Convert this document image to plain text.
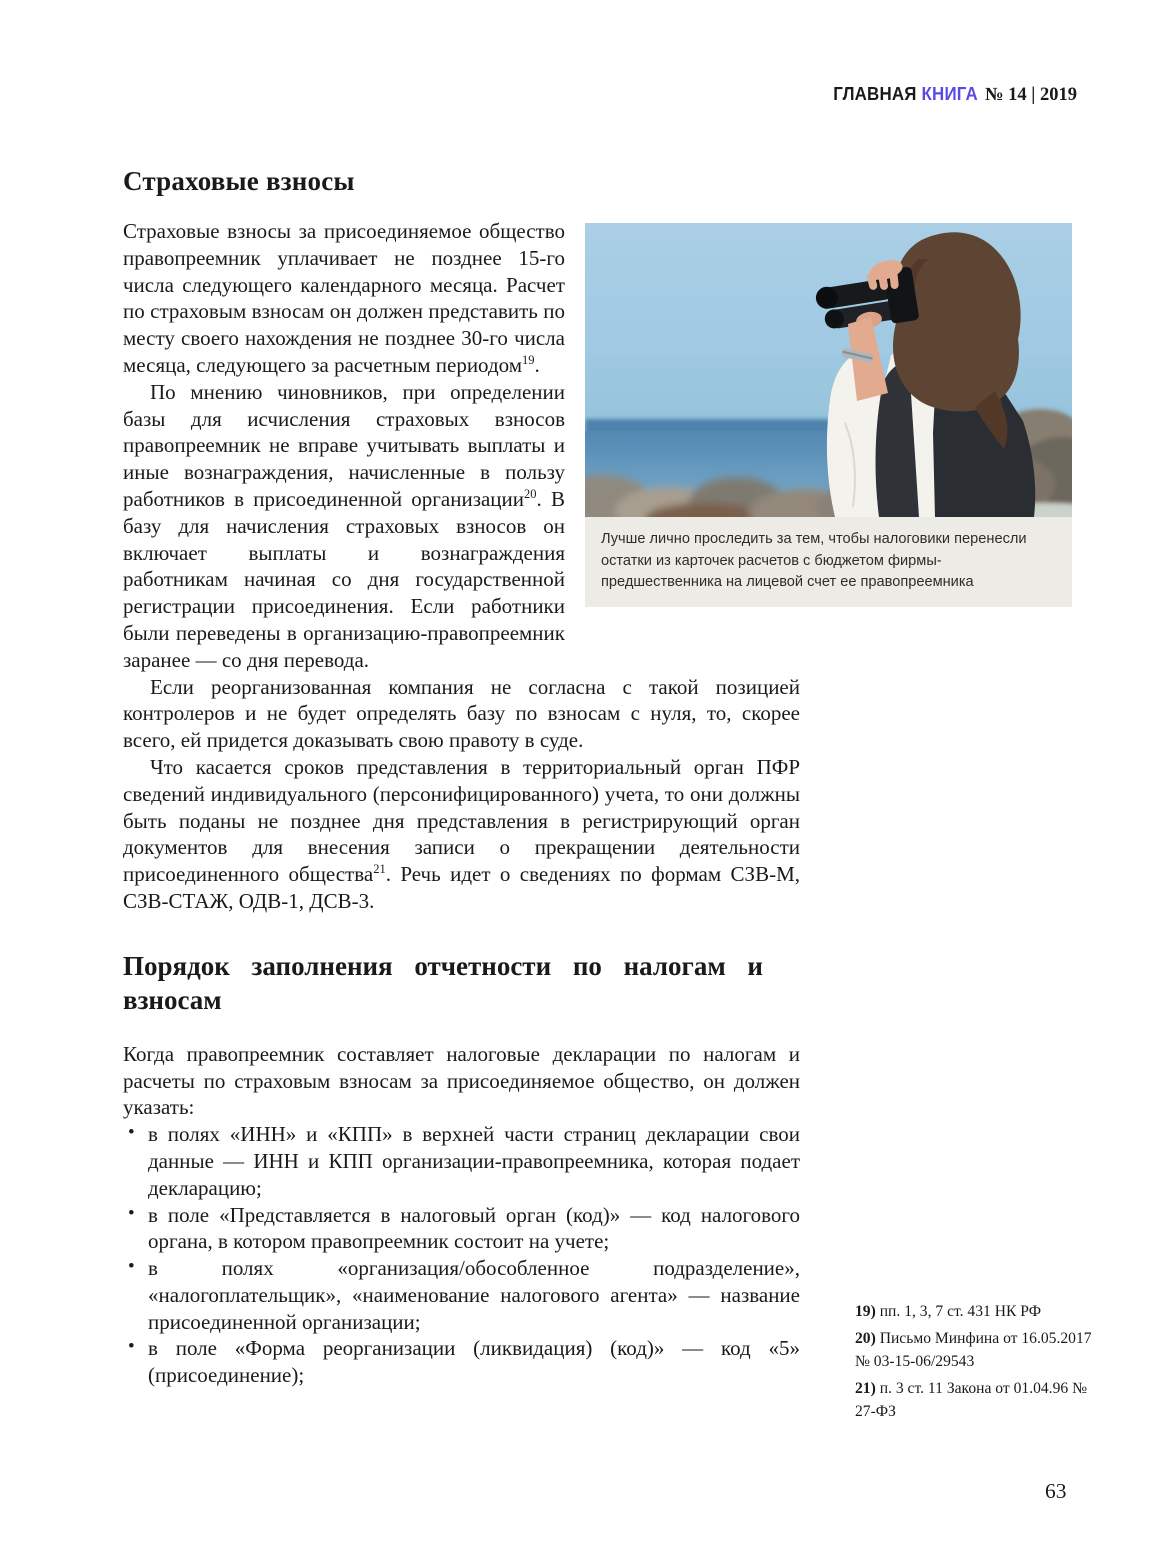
ГЛАВНАЯ КНИГА № 14 | 2019
Страховые взносы
Лучше лично проследить за тем, чтобы налоговики перенесли остатки из карточек расчетов с бюджетом фирмы-предшественника на лицевой счет ее правопреемника

Страховые взносы за присоединяемое общество правопреемник уплачивает не позднее 15-го числа следующего календарного месяца. Расчет по страховым взносам он должен представить по месту своего нахождения не позднее 30-го числа месяца, следующего за расчетным периодом$^{19}$.

По мнению чиновников, при определении базы для исчисления страховых взносов правопреемник не вправе учитывать выплаты и иные вознаграждения, начисленные в пользу работников в присоединенной организации$^{20}$. В базу для начисления страховых взносов он включает выплаты и вознаграждения работникам начиная со дня государственной регистрации присоединения. Если работники были переведены в организацию-правопреемник заранее — со дня перевода.

Если реорганизованная компания не согласна с такой позицией контролеров и не будет определять базу по взносам с нуля, то, скорее всего, ей придется доказывать свою правоту в суде.

Что касается сроков представления в территориальный орган ПФР сведений индивидуального (персонифицированного) учета, то они должны быть поданы не позднее дня представления в регистрирующий орган документов для внесения записи о прекращении деятельности присоединенного общества$^{21}$. Речь идет о сведениях по формам СЗВ-М, СЗВ-СТАЖ, ОДВ-1, ДСВ-3.

Порядок заполнения отчетности по налогам и взносам

Когда правопреемник составляет налоговые декларации по налогам и расчеты по страховым взносам за присоединяемое общество, он должен указать:

• в полях «ИНН» и «КПП» в верхней части страниц декларации свои данные — ИНН и КПП организации-правопреемника, которая подает декларацию;
• в поле «Представляется в налоговый орган (код)» — код налогового органа, в котором правопреемник состоит на учете;
• в полях «организация/обособленное подразделение», «налогоплательщик», «наименование налогового агента» — название присоединенной организации;
• в поле «Форма реорганизации (ликвидация) (код)» — код «5» (присоединение);
19) пп. 1, 3, 7 ст. 431 НК РФ
20) Письмо Минфина от 16.05.2017 № 03-15-06/29543
21) п. 3 ст. 11 Закона от 01.04.96 № 27-ФЗ
63
